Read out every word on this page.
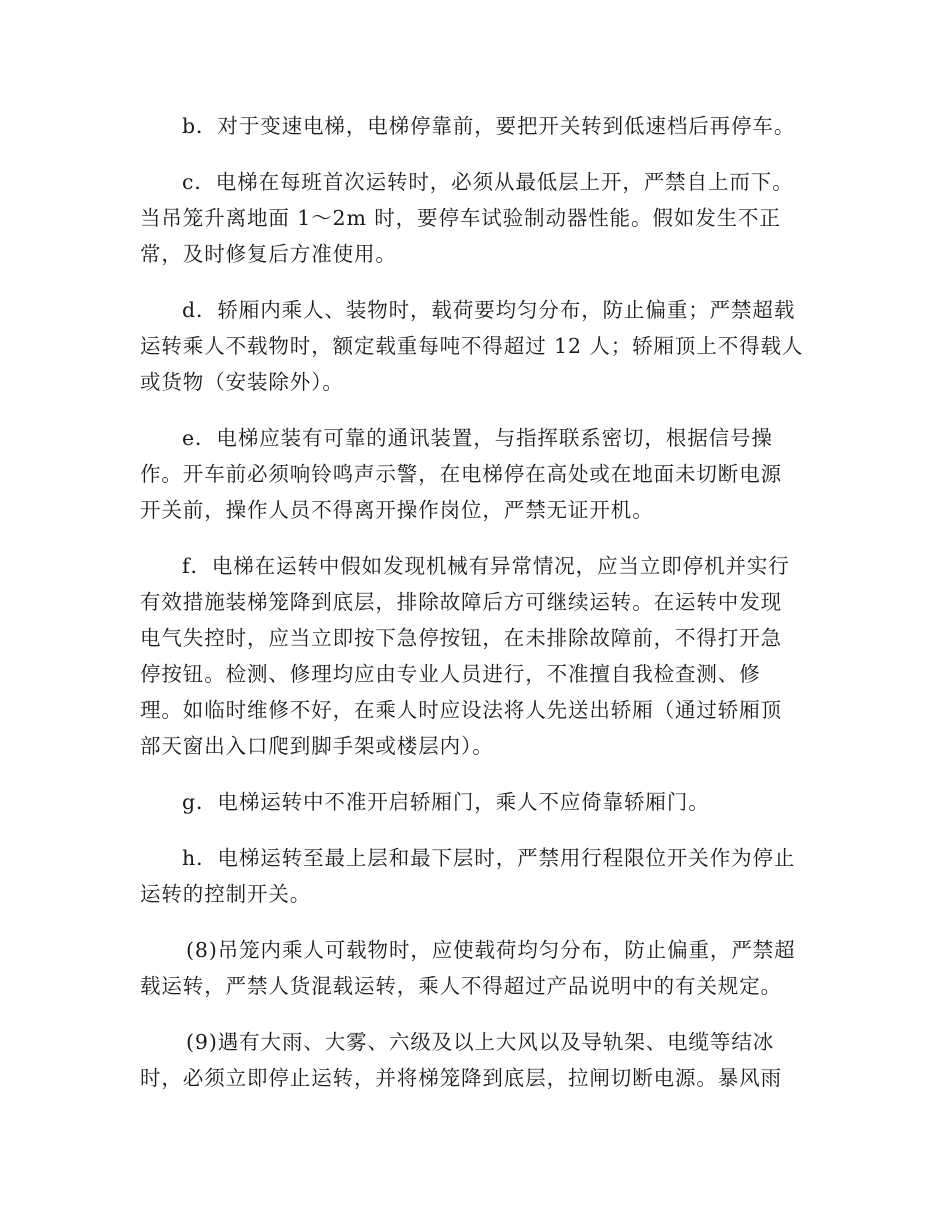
b．对于变速电梯，电梯停靠前，要把开关转到低速档后再停车。

c．电梯在每班首次运转时，必须从最低层上开，严禁自上而下。
当吊笼升离地面 1～2m 时，要停车试验制动器性能。假如发生不正
常，及时修复后方准使用。

d．轿厢内乘人、装物时，载荷要均匀分布，防止偏重；严禁超载
运转乘人不载物时，额定载重每吨不得超过 12 人；轿厢顶上不得载人
或货物（安装除外）。

e．电梯应装有可靠的通讯装置，与指挥联系密切，根据信号操
作。开车前必须响铃鸣声示警，在电梯停在高处或在地面未切断电源
开关前，操作人员不得离开操作岗位，严禁无证开机。

f．电梯在运转中假如发现机械有异常情况，应当立即停机并实行
有效措施装梯笼降到底层，排除故障后方可继续运转。在运转中发现
电气失控时，应当立即按下急停按钮，在未排除故障前，不得打开急
停按钮。检测、修理均应由专业人员进行，不准擅自我检查测、修
理。如临时维修不好，在乘人时应设法将人先送出轿厢（通过轿厢顶
部天窗出入口爬到脚手架或楼层内）。

g．电梯运转中不准开启轿厢门，乘人不应倚靠轿厢门。

h．电梯运转至最上层和最下层时，严禁用行程限位开关作为停止
运转的控制开关。

(8)吊笼内乘人可载物时，应使载荷均匀分布，防止偏重，严禁超
载运转，严禁人货混载运转，乘人不得超过产品说明中的有关规定。

(9)遇有大雨、大雾、六级及以上大风以及导轨架、电缆等结冰
时，必须立即停止运转，并将梯笼降到底层，拉闸切断电源。暴风雨
